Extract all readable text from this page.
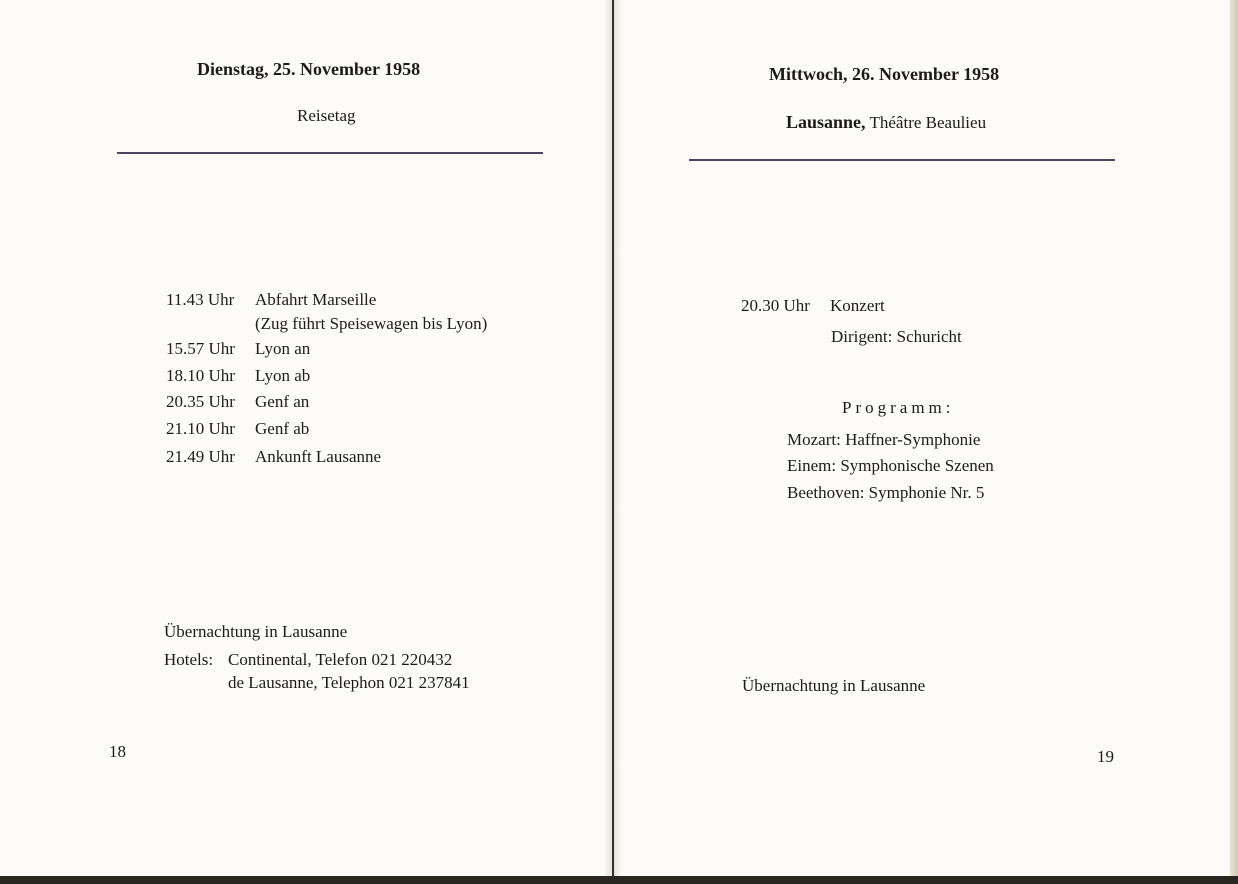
Dienstag, 25. November 1958
Reisetag
11.43 Uhr Abfahrt Marseille
(Zug führt Speisewagen bis Lyon)
15.57 Uhr Lyon an
18.10 Uhr Lyon ab
20.35 Uhr Genf an
21.10 Uhr Genf ab
21.49 Uhr Ankunft Lausanne
Übernachtung in Lausanne
Hotels: Continental, Telefon 021 220432
de Lausanne, Telephon 021 237841
18
Mittwoch, 26. November 1958
Lausanne, Théâtre Beaulieu
20.30 Uhr Konzert
Dirigent: Schuricht
Programm:
Mozart: Haffner-Symphonie
Einem: Symphonische Szenen
Beethoven: Symphonie Nr. 5
Übernachtung in Lausanne
19
